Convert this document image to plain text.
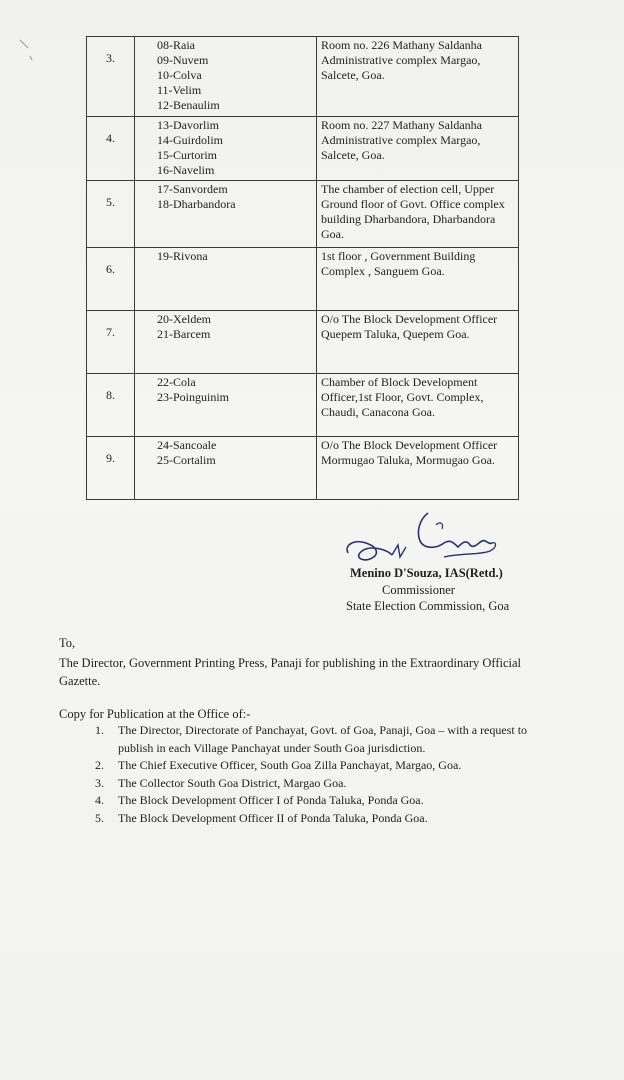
3.	08-Raia
09-Nuvem
10-Colva
11-Velim
12-Benaulim	Room no. 226 Mathany Saldanha Administrative complex Margao, Salcete, Goa.

4.	13-Davorlim
14-Guirdolim
15-Curtorim
16-Navelim	Room no. 227 Mathany Saldanha Administrative complex Margao, Salcete, Goa.

5.	17-Sanvordem
18-Dharbandora	The chamber of election cell, Upper Ground floor of Govt. Office complex building Dharbandora, Dharbandora Goa.

6.	19-Rivona	1st floor , Government Building Complex , Sanguem Goa.

7.	20-Xeldem
21-Barcem	O/o The Block Development Officer Quepem Taluka, Quepem Goa.

8.	22-Cola
23-Poinguinim	Chamber of Block Development Officer,1st Floor, Govt. Complex, Chaudi, Canacona Goa.

9.	24-Sancoale
25-Cortalim	O/o The Block Development Officer Mormugao Taluka, Mormugao Goa.
Menino D'Souza, IAS(Retd.)
Commissioner
State Election Commission, Goa
To,
The Director, Government Printing Press, Panaji for publishing in the Extraordinary Official Gazette.
Copy for Publication at the Office of:-
1. The Director, Directorate of Panchayat, Govt. of Goa, Panaji, Goa – with a request to publish in each Village Panchayat under South Goa jurisdiction.
2. The Chief Executive Officer, South Goa Zilla Panchayat, Margao, Goa.
3. The Collector South Goa District, Margao Goa.
4. The Block Development Officer I of Ponda Taluka, Ponda Goa.
5. The Block Development Officer II of Ponda Taluka, Ponda Goa.
